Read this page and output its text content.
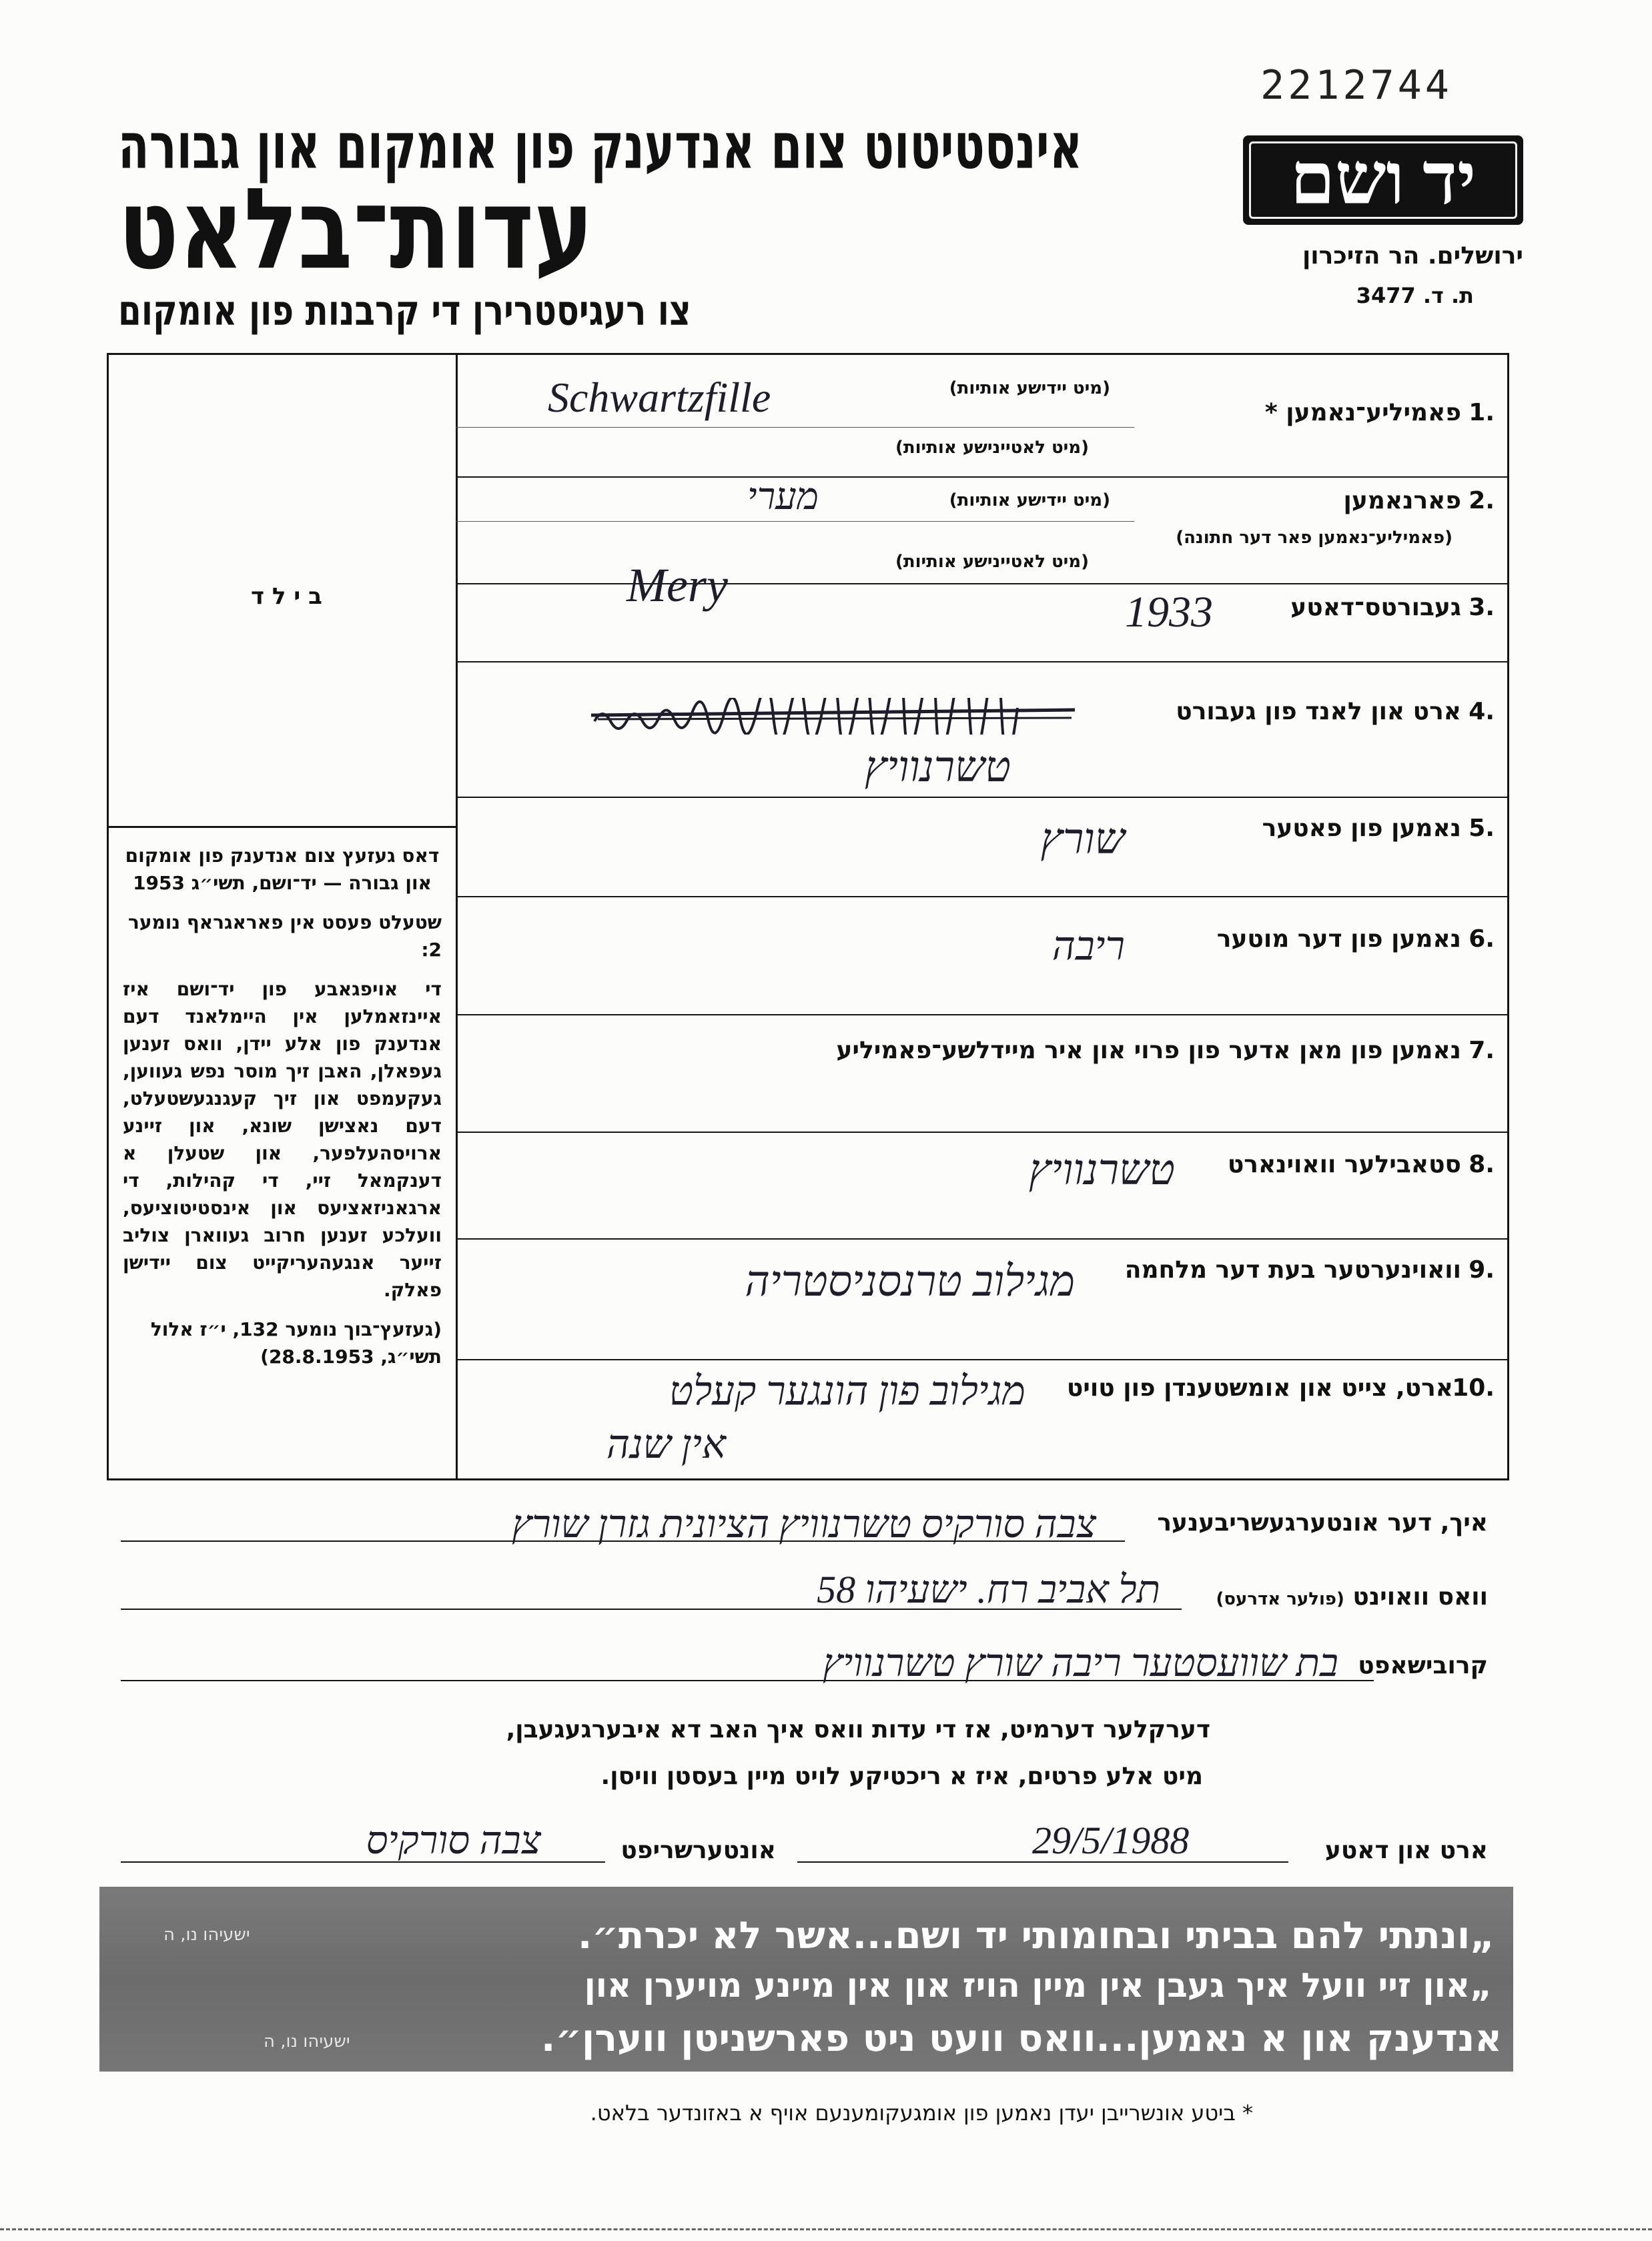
2212744
יד ושם
ירושלים. הר הזיכרון
ת. ד. 3477
אינסטיטוט צום אנדענק פון אומקום און גבורה
עדות־בלאט
צו רעגיסטרירן די קרבנות פון אומקום
ב י ל ד

דאס געזעץ צום אנדענק פון אומקום און גבורה — יד־ושם, תשי״ג 1953

שטעלט פעסט אין פאראגראף נומער 2:

די אויפגאבע פון יד־ושם איז איינזאמלען אין היימלאנד דעם אנדענק פון אלע יידן, וואס זענען געפאלן, האבן זיך מוסר נפש געווען, געקעמפט און זיך קעגנגעשטעלט, דעם נאצישן שונא, און זיינע ארויסהעלפער, און שטעלן א דענקמאל זיי, די קהילות, די ארגאניזאציעס און אינסטיטוציעס, וועלכע זענען חרוב געווארן צוליב זייער אנגעהעריקייט צום יידישן פאלק.

(געזעץ־בוך נומער 132, י״ז אלול תשי״ג, 28.8.1953)

1.
פאמיליע־נאמען *
(מיט יידישע אותיות)
(מיט לאטיינישע אותיות)
Schwartzfille
2.
פארנאמען
(פאמיליע־נאמען פאר דער חתונה)
(מיט יידישע אותיות)
(מיט לאטיינישע אותיות)
מערי
Mery	3.
געבורטס־דאטע
1933
4.
ארט און לאנד פון געבורט
טשרנוויץ
5.
נאמען פון פאטער
שורץ
6.
נאמען פון דער מוטער
ריבה
7.
נאמען פון מאן אדער פון פרוי און איר מיידלשע־פאמיליע
8.
סטאבילער וואוינארט
טשרנוויץ
9.
וואוינערטער בעת דער מלחמה
מגילוב טרנסניסטריה
10.
ארט, צייט און אומשטענדן פון טויט
מגילוב פון הונגער קעלט
אין שנה
איך, דער אונטערגעשריבענער
צבה סורקיס טשרנוויץ הציונית גזרן שורץ
וואס וואוינט (פולער אדרעס)
תל אביב רח. ישעיהו 58
קרובישאפט
בת שוועסטער ריבה שורץ טשרנוויץ
דערקלער דערמיט, אז די עדות וואס איך האב דא איבערגעגעבן,
מיט אלע פרטים, איז א ריכטיקע לויט מיין בעסטן וויסן.
ארט און דאטע
29/5/1988
אונטערשריפט
צבה סורקיס
„ונתתי להם בביתי ובחומותי יד ושם...אשר לא יכרת״.
ישעיהו נו, ה
„און זיי וועל איך געבן אין מיין הויז און אין מיינע מויערן און
אנדענק און א נאמען...וואס וועט ניט פארשניטן ווערן״.
ישעיהו נו, ה
* ביטע אונשרייבן יעדן נאמען פון אומגעקומענעם אויף א באזונדער בלאט.
